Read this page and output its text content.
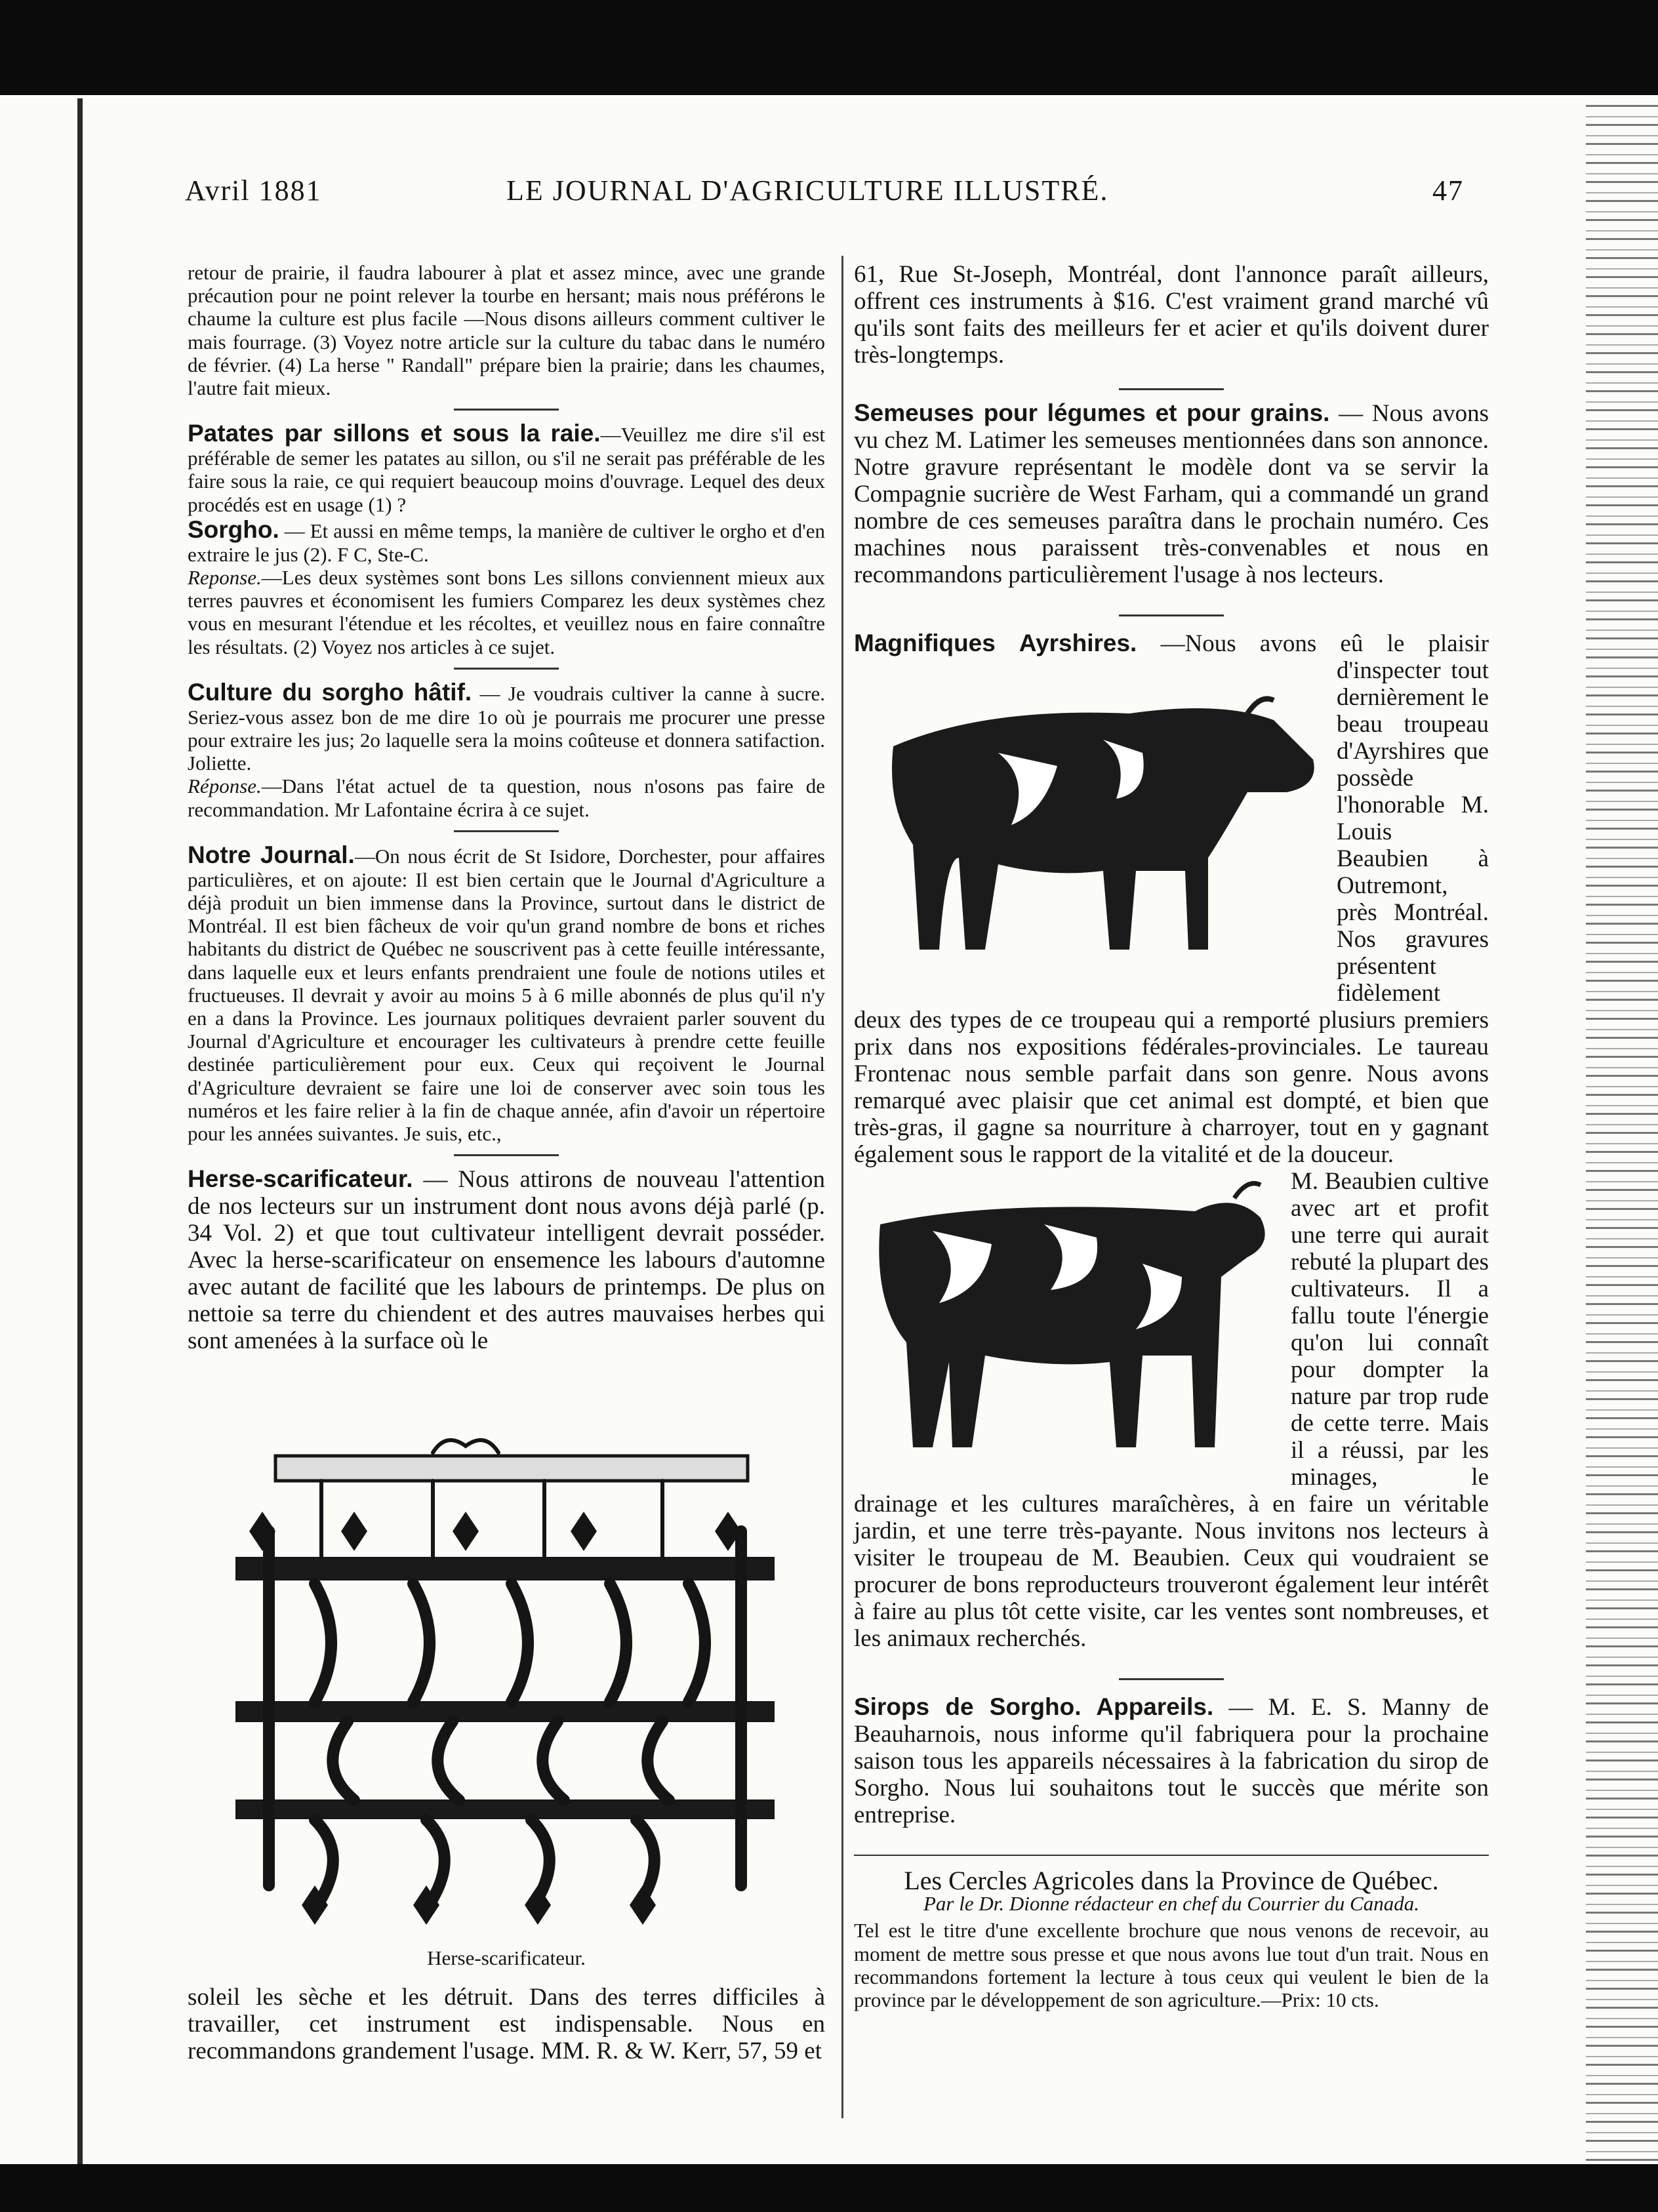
Avril 1881	LE JOURNAL D'AGRICULTURE ILLUSTRÉ.	47

retour de prairie, il faudra labourer à plat et assez mince, avec une grande précaution pour ne point relever la tourbe en hersant; mais nous préférons le chaume la culture est plus facile —Nous disons ailleurs comment cultiver le mais fourrage. (3) Voyez notre article sur la culture du tabac dans le numéro de février. (4) La herse " Randall" prépare bien la prairie; dans les chaumes, l'autre fait mieux.

Patates par sillons et sous la raie.—Veuillez me dire s'il est préférable de semer les patates au sillon, ou s'il ne serait pas préférable de les faire sous la raie, ce qui requiert beaucoup moins d'ouvrage. Lequel des deux procédés est en usage (1) ?

Sorgho. — Et aussi en même temps, la manière de cultiver le orgho et d'en extraire le jus (2). F C, Ste-C.

Reponse.—Les deux systèmes sont bons Les sillons conviennent mieux aux terres pauvres et économisent les fumiers Comparez les deux systèmes chez vous en mesurant l'étendue et les récoltes, et veuillez nous en faire connaître les résultats. (2) Voyez nos articles à ce sujet.

Culture du sorgho hâtif. — Je voudrais cultiver la canne à sucre. Seriez-vous assez bon de me dire 1o où je pourrais me procurer une presse pour extraire les jus; 2o laquelle sera la moins coûteuse et donnera satifaction. Joliette.

Réponse.—Dans l'état actuel de ta question, nous n'osons pas faire de recommandation. Mr Lafontaine écrira à ce sujet.

Notre Journal.—On nous écrit de St Isidore, Dorchester, pour affaires particulières, et on ajoute: Il est bien certain que le Journal d'Agriculture a déjà produit un bien immense dans la Province, surtout dans le district de Montréal. Il est bien fâcheux de voir qu'un grand nombre de bons et riches habitants du district de Québec ne souscrivent pas à cette feuille intéressante, dans laquelle eux et leurs enfants prendraient une foule de notions utiles et fructueuses. Il devrait y avoir au moins 5 à 6 mille abonnés de plus qu'il n'y en a dans la Province. Les journaux politiques devraient parler souvent du Journal d'Agriculture et encourager les cultivateurs à prendre cette feuille destinée particulièrement pour eux. Ceux qui reçoivent le Journal d'Agriculture devraient se faire une loi de conserver avec soin tous les numéros et les faire relier à la fin de chaque année, afin d'avoir un répertoire pour les années suivantes. Je suis, etc.,

Herse-scarificateur. — Nous attirons de nouveau l'attention de nos lecteurs sur un instrument dont nous avons déjà parlé (p. 34 Vol. 2) et que tout cultivateur intelligent devrait posséder. Avec la herse-scarificateur on ensemence les labours d'automne avec autant de facilité que les labours de printemps. De plus on nettoie sa terre du chiendent et des autres mauvaises herbes qui sont amenées à la surface où le

Herse-scarificateur.
soleil les sèche et les détruit. Dans des terres difficiles à travailler, cet instrument est indispensable. Nous en recommandons grandement l'usage. MM. R. & W. Kerr, 57, 59 et
61, Rue St-Joseph, Montréal, dont l'annonce paraît ailleurs, offrent ces instruments à $16. C'est vraiment grand marché vû qu'ils sont faits des meilleurs fer et acier et qu'ils doivent durer très-longtemps.

Semeuses pour légumes et pour grains. — Nous avons vu chez M. Latimer les semeuses mentionnées dans son annonce. Notre gravure représentant le modèle dont va se servir la Compagnie sucrière de West Farham, qui a commandé un grand nombre de ces semeuses paraîtra dans le prochain numéro. Ces machines nous paraissent très-convenables et nous en recommandons particulièrement l'usage à nos lecteurs.

Magnifiques Ayrshires. —Nous avons eû le plaisir d'inspecter tout dernièrement le beau troupeau d'Ayrshires que possède l'honorable M. Louis Beaubien à Outremont, près Montréal. Nos gravures présentent fidèlement deux des types de ce troupeau qui a remporté plusiurs premiers prix dans nos expositions fédérales-provinciales. Le taureau Frontenac nous semble parfait dans son genre. Nous avons remarqué avec plaisir que cet animal est dompté, et bien que très-gras, il gagne sa nourriture à charroyer, tout en y gagnant également sous le rapport de la vitalité et de la douceur.

M. Beaubien cultive avec art et profit une terre qui aurait rebuté la plupart des cultivateurs. Il a fallu toute l'énergie qu'on lui connaît pour dompter la nature par trop rude de cette terre. Mais il a réussi, par les minages, le drainage et les cultures maraîchères, à en faire un véritable jardin, et une terre très-payante. Nous invitons nos lecteurs à visiter le troupeau de M. Beaubien. Ceux qui voudraient se procurer de bons reproducteurs trouveront également leur intérêt à faire au plus tôt cette visite, car les ventes sont nombreuses, et les animaux recherchés.

Sirops de Sorgho. Appareils. — M. E. S. Manny de Beauharnois, nous informe qu'il fabriquera pour la prochaine saison tous les appareils nécessaires à la fabrication du sirop de Sorgho. Nous lui souhaitons tout le succès que mérite son entreprise.

Les Cercles Agricoles dans la Province de Québec.

Par le Dr. Dionne rédacteur en chef du Courrier du Canada.

Tel est le titre d'une excellente brochure que nous venons de recevoir, au moment de mettre sous presse et que nous avons lue tout d'un trait. Nous en recommandons fortement la lecture à tous ceux qui veulent le bien de la province par le développement de son agriculture.—Prix: 10 cts.
